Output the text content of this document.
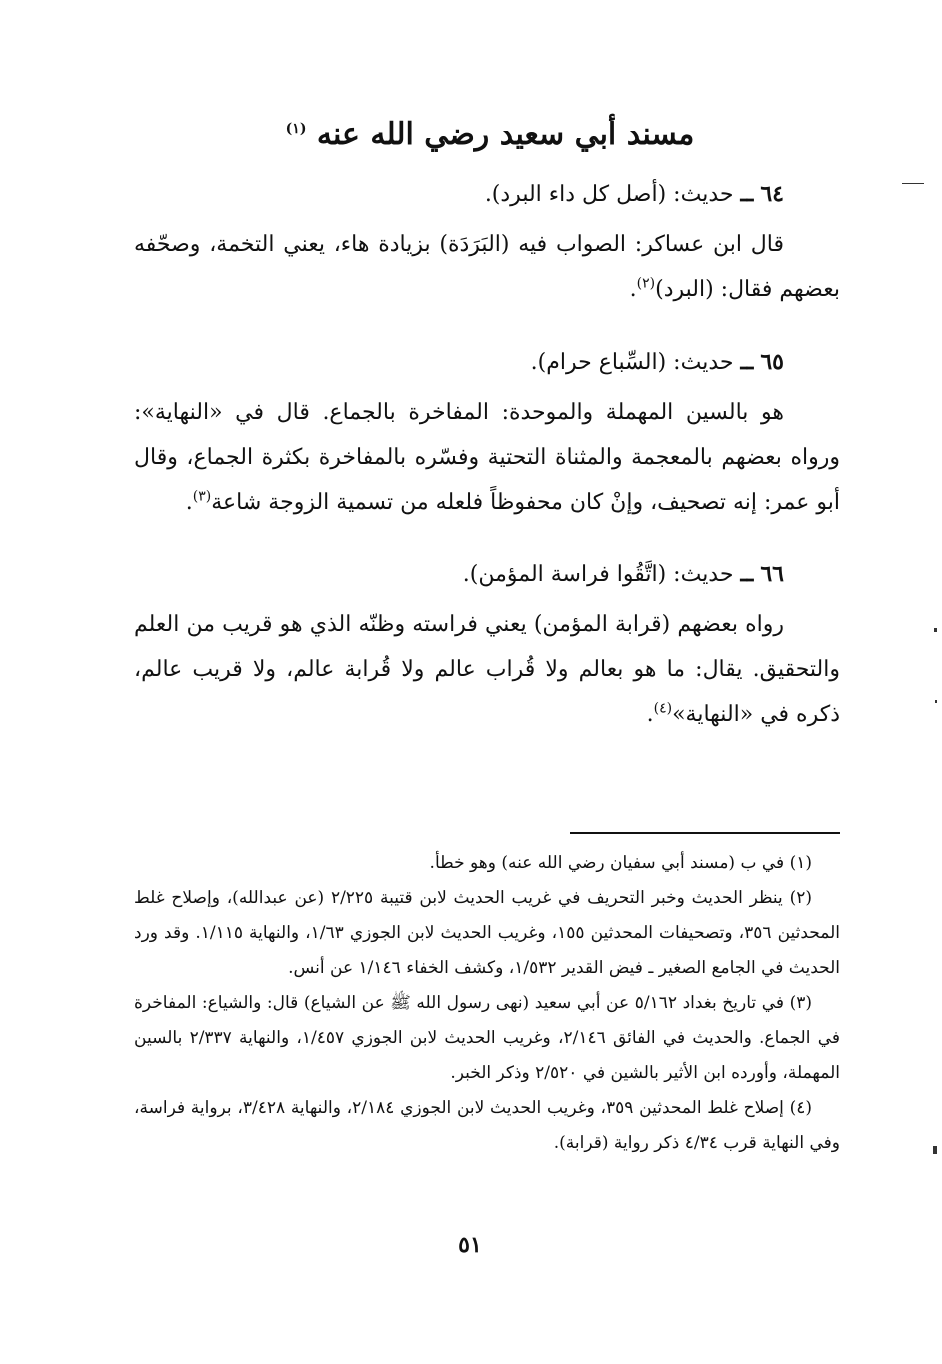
مسند أبي سعيد رضي الله عنه $^{(١)}$
٦٤ ــ حديث: (أصل كل داء البرد).
قال ابن عساكر: الصواب فيه (البَرَدَة) بزيادة هاء، يعني التخمة، وصحّفه بعضهم فقال: (البرد)$^{(٢)}$.
٦٥ ــ حديث: (السِّباع حرام).
هو بالسين المهملة والموحدة: المفاخرة بالجماع. قال في «النهاية»: ورواه بعضهم بالمعجمة والمثناة التحتية وفسّره بالمفاخرة بكثرة الجماع، وقال أبو عمر: إنه تصحيف، وإنْ كان محفوظاً فلعله من تسمية الزوجة شاعة$^{(٣)}$.
٦٦ ــ حديث: (اتَّقُوا فراسة المؤمن).
رواه بعضهم (قرابة المؤمن) يعني فراسته وظنّه الذي هو قريب من العلم والتحقيق. يقال: ما هو بعالم ولا قُراب عالم ولا قُرابة عالم، ولا قريب عالم، ذكره في «النهاية»$^{(٤)}$.

(١) في ب (مسند أبي سفيان رضي الله عنه) وهو خطأ.

(٢) ينظر الحديث وخبر التحريف في غريب الحديث لابن قتيبة ٢/٢٢٥ (عن عبدالله)، وإصلاح غلط المحدثين ٣٥٦، وتصحيفات المحدثين ١٥٥، وغريب الحديث لابن الجوزي ١/٦٣، والنهاية ١/١١٥. وقد ورد الحديث في الجامع الصغير ـ فيض القدير ١/٥٣٢، وكشف الخفاء ١/١٤٦ عن أنس.

(٣) في تاريخ بغداد ٥/١٦٢ عن أبي سعيد (نهى رسول الله ﷺ عن الشياع) قال: والشياع: المفاخرة في الجماع. والحديث في الفائق ٢/١٤٦، وغريب الحديث لابن الجوزي ١/٤٥٧، والنهاية ٢/٣٣٧ بالسين المهملة، وأورده ابن الأثير بالشين في ٢/٥٢٠ وذكر الخبر.

(٤) إصلاح غلط المحدثين ٣٥٩، وغريب الحديث لابن الجوزي ٢/١٨٤، والنهاية ٣/٤٢٨، برواية فراسة، وفي النهاية قرب ٤/٣٤ ذكر رواية (قرابة).

٥١
